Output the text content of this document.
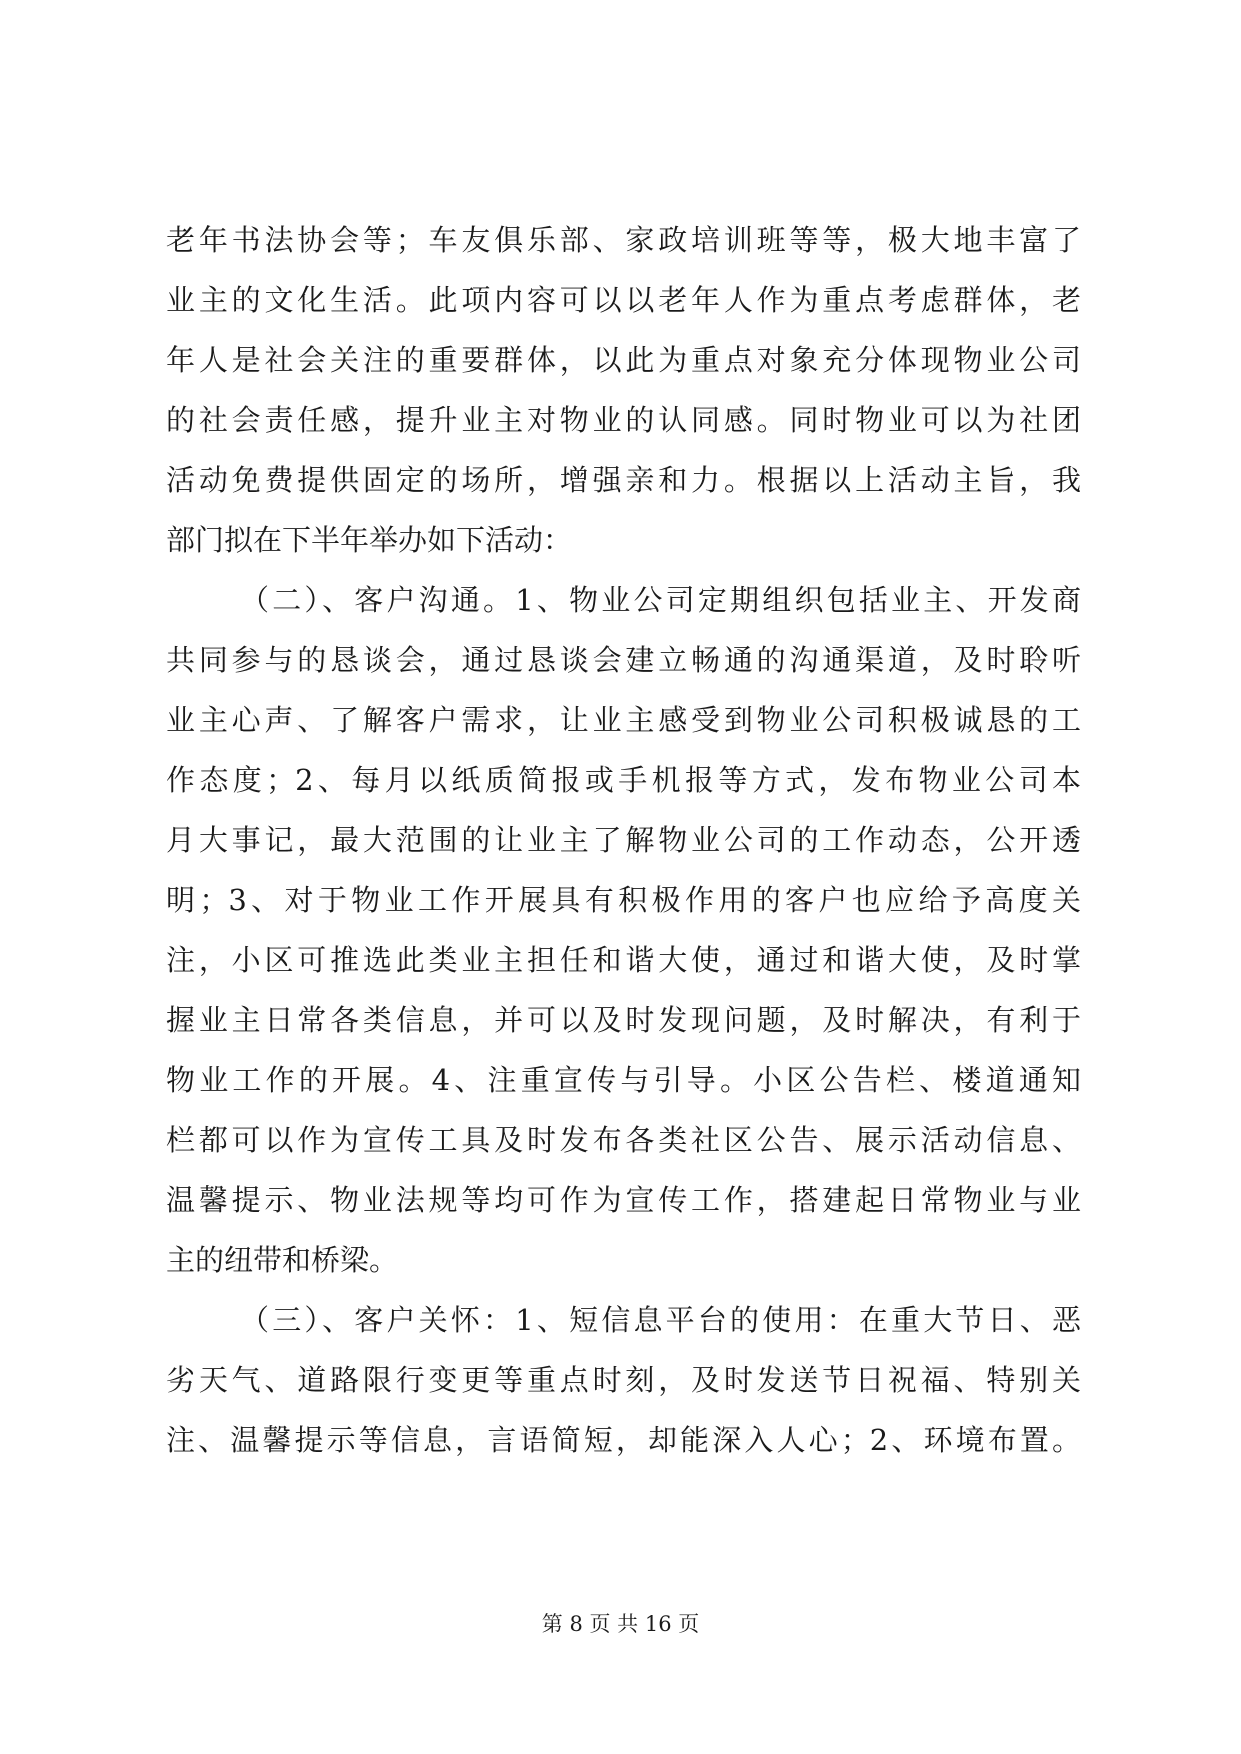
老年书法协会等；车友俱乐部、家政培训班等等，极大地丰富了
业主的文化生活。此项内容可以以老年人作为重点考虑群体，老
年人是社会关注的重要群体，以此为重点对象充分体现物业公司
的社会责任感，提升业主对物业的认同感。同时物业可以为社团
活动免费提供固定的场所，增强亲和力。根据以上活动主旨，我
部门拟在下半年举办如下活动：
（二）、客户沟通。1、物业公司定期组织包括业主、开发商
共同参与的恳谈会，通过恳谈会建立畅通的沟通渠道，及时聆听
业主心声、了解客户需求，让业主感受到物业公司积极诚恳的工
作态度；2、每月以纸质简报或手机报等方式，发布物业公司本
月大事记，最大范围的让业主了解物业公司的工作动态，公开透
明；3、对于物业工作开展具有积极作用的客户也应给予高度关
注，小区可推选此类业主担任和谐大使，通过和谐大使，及时掌
握业主日常各类信息，并可以及时发现问题，及时解决，有利于
物业工作的开展。4、注重宣传与引导。小区公告栏、楼道通知
栏都可以作为宣传工具及时发布各类社区公告、展示活动信息、
温馨提示、物业法规等均可作为宣传工作，搭建起日常物业与业
主的纽带和桥梁。
（三）、客户关怀：1、短信息平台的使用：在重大节日、恶
劣天气、道路限行变更等重点时刻，及时发送节日祝福、特别关
注、温馨提示等信息，言语简短，却能深入人心；2、环境布置。
第 8 页 共 16 页
